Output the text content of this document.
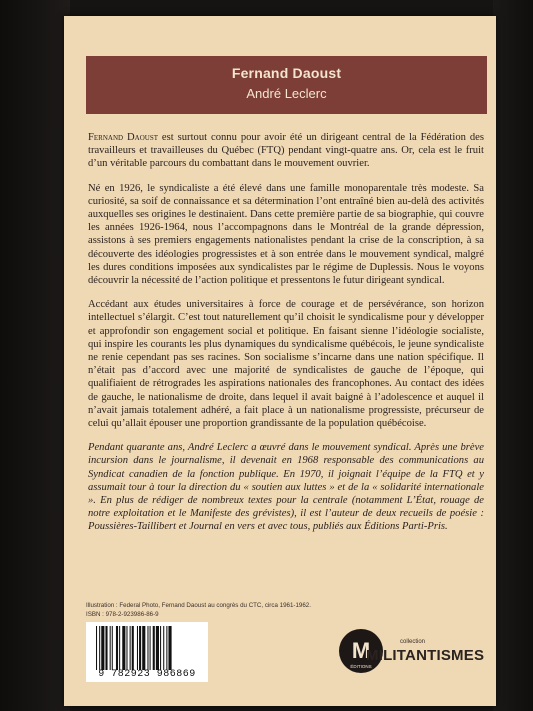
Fernand Daoust
André Leclerc

Fernand Daoust est surtout connu pour avoir été un dirigeant central de la Fédération des travailleurs et travailleuses du Québec (FTQ) pendant vingt-quatre ans. Or, cela est le fruit d’un véritable parcours du combattant dans le mouvement ouvrier.

Né en 1926, le syndicaliste a été élevé dans une famille monoparentale très modeste. Sa curiosité, sa soif de connaissance et sa détermination l’ont entraîné bien au-delà des activités auxquelles ses origines le destinaient. Dans cette première partie de sa biographie, qui couvre les années 1926-1964, nous l’accompagnons dans le Montréal de la grande dépression, assistons à ses premiers engagements nationalistes pendant la crise de la conscription, à sa découverte des idéologies progressistes et à son entrée dans le mouvement syndical, malgré les dures conditions imposées aux syndicalistes par le régime de Duplessis. Nous le voyons découvrir la nécessité de l’action politique et pressentons le futur dirigeant syndical.

Accédant aux études universitaires à force de courage et de persévérance, son horizon intellectuel s’élargit. C’est tout naturellement qu’il choisit le syndicalisme pour y développer et approfondir son engagement social et politique. En faisant sienne l’idéologie socialiste, qui inspire les courants les plus dynamiques du syndicalisme québécois, le jeune syndicaliste ne renie cependant pas ses racines. Son socialisme s’incarne dans une nation spécifique. Il n’était pas d’accord avec une majorité de syndicalistes de gauche de l’époque, qui qualifiaient de rétrogrades les aspirations nationales des francophones. Au contact des idées de gauche, le nationalisme de droite, dans lequel il avait baigné à l’adolescence et auquel il n’avait jamais totalement adhéré, a fait place à un nationalisme progressiste, précurseur de celui qu’allait épouser une proportion grandissante de la population québécoise.

Pendant quarante ans, André Leclerc a œuvré dans le mouvement syndical. Après une brève incursion dans le journalisme, il devenait en 1968 responsable des communications au Syndicat canadien de la fonction publique. En 1970, il joignait l’équipe de la FTQ et y assumait tour à tour la direction du « soutien aux luttes » et de la « solidarité internationale ». En plus de rédiger de nombreux textes pour la centrale (notamment L’État, rouage de notre exploitation et le Manifeste des grévistes), il est l’auteur de deux recueils de poésie : Poussières-Taillibert et Journal en vers et avec tous, publiés aux Éditions Parti-Pris.

Illustration : Federal Photo, Fernand Daoust au congrès du CTC, circa 1961-1962.
ISBN : 978-2-923986-86-9
9 782923 986869
M
ÉDITIONS
collection
MILITANTISMES
